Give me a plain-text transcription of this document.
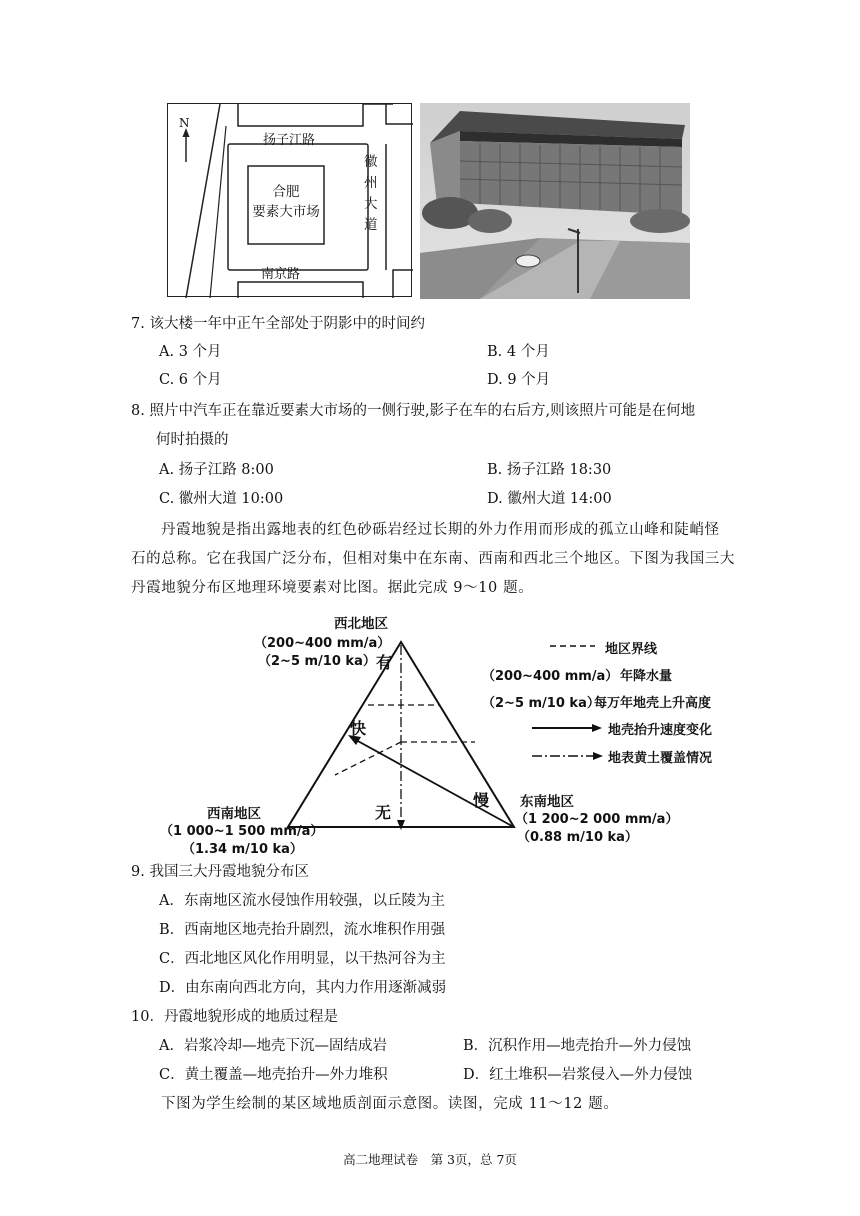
N
扬子江路
南京路
徽
州
大
道
合肥
要素大市场
7. 该大楼一年中正午全部处于阴影中的时间约
A. 3 个月	B. 4 个月
C. 6 个月	D. 9 个月
8. 照片中汽车正在靠近要素大市场的一侧行驶,影子在车的右后方,则该照片可能是在何地
何时拍摄的
A. 扬子江路 8:00	B. 扬子江路 18:30
C. 徽州大道 10:00	D. 徽州大道 14:00
丹霞地貌是指出露地表的红色砂砾岩经过长期的外力作用而形成的孤立山峰和陡峭怪
石的总称。它在我国广泛分布，但相对集中在东南、西南和西北三个地区。下图为我国三大
丹霞地貌分布区地理环境要素对比图。据此完成 9～10 题。
西北地区
（200~400 mm/a）
（2~5 m/10 ka） 有
快
无
慢
西南地区
（1 000~1 500 mm/a）
（1.34 m/10 ka）
东南地区
（1 200~2 000 mm/a）
（0.88 m/10 ka）
地区界线
（200~400 mm/a） 年降水量
（2~5 m/10 ka）
每万年地壳上升高度
地壳抬升速度变化
地表黄土覆盖情况
9. 我国三大丹霞地貌分布区
A．东南地区流水侵蚀作用较强，以丘陵为主
B．西南地区地壳抬升剧烈，流水堆积作用强
C．西北地区风化作用明显，以干热河谷为主
D．由东南向西北方向，其内力作用逐渐减弱
10．丹霞地貌形成的地质过程是
A．岩浆冷却—地壳下沉—固结成岩	B．沉积作用—地壳抬升—外力侵蚀
C．黄土覆盖—地壳抬升—外力堆积	D．红土堆积—岩浆侵入—外力侵蚀
下图为学生绘制的某区域地质剖面示意图。读图，完成 11～12 题。
高二地理试卷　第 3页，总 7页
